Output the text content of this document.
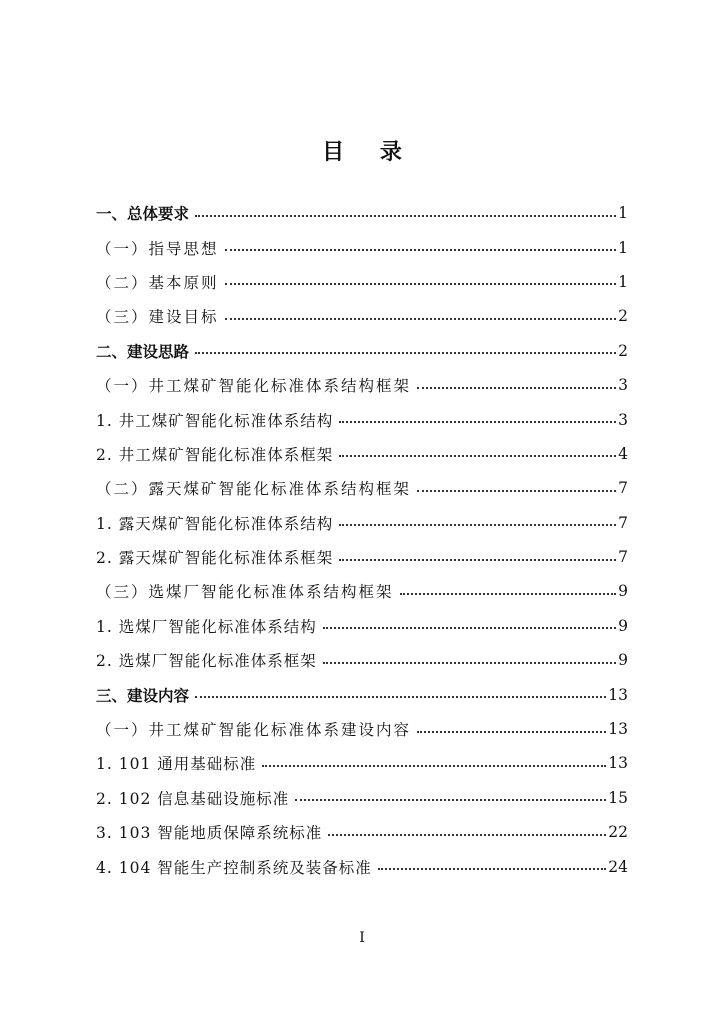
目 录
一、总体要求	1
（一）指导思想	1
（二）基本原则	1
（三）建设目标	2
二、建设思路	2
（一）井工煤矿智能化标准体系结构框架	3
1. 井工煤矿智能化标准体系结构	3
2. 井工煤矿智能化标准体系框架	4
（二）露天煤矿智能化标准体系结构框架	7
1. 露天煤矿智能化标准体系结构	7
2. 露天煤矿智能化标准体系框架	7
（三）选煤厂智能化标准体系结构框架	9
1. 选煤厂智能化标准体系结构	9
2. 选煤厂智能化标准体系框架	9
三、建设内容	13
（一）井工煤矿智能化标准体系建设内容	13
1. 101 通用基础标准	13
2. 102 信息基础设施标准	15
3. 103 智能地质保障系统标准	22
4. 104 智能生产控制系统及装备标准	24
I
